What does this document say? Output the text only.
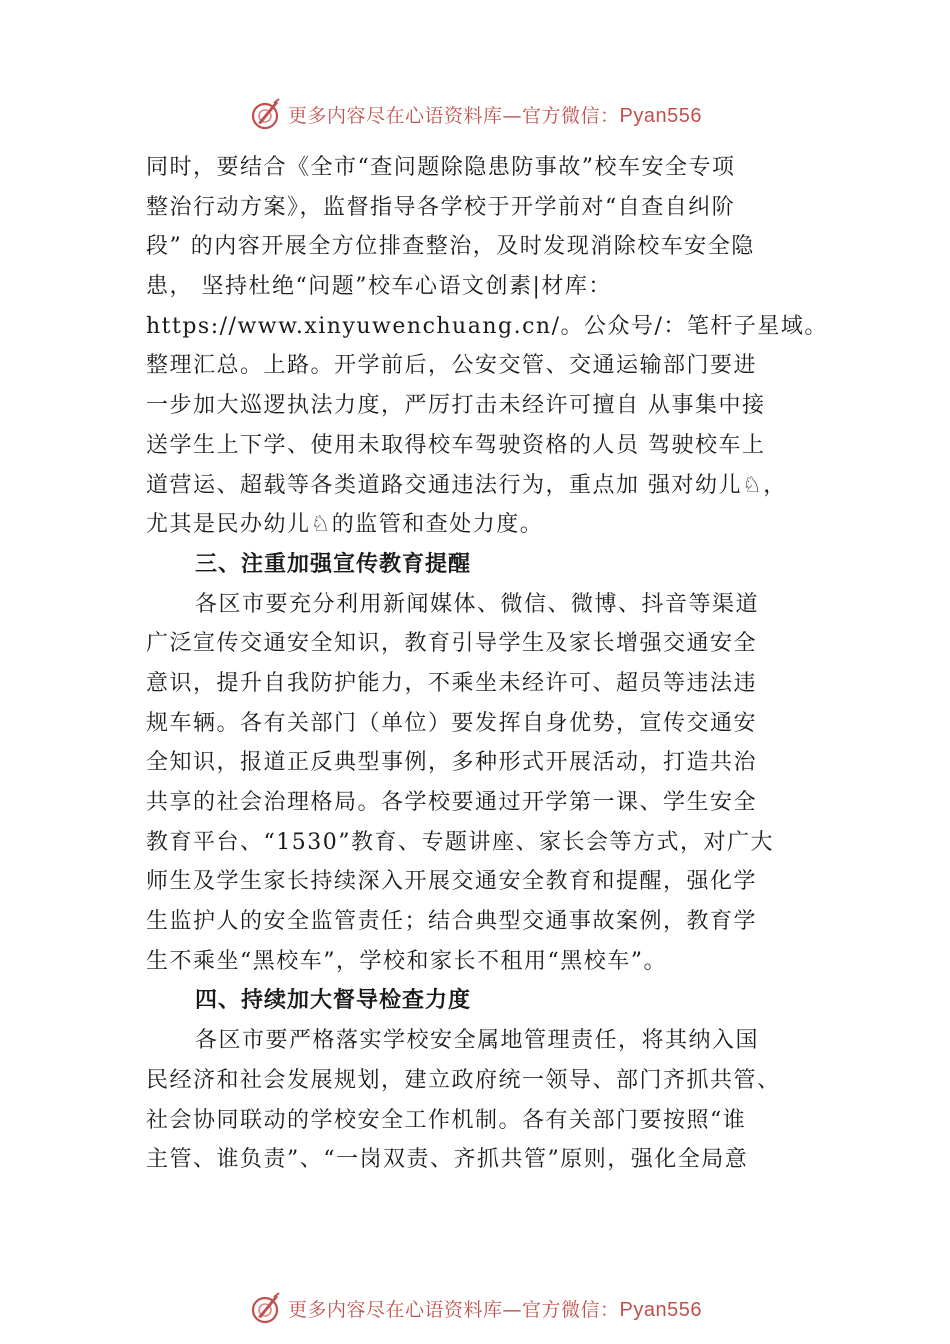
更多内容尽在心语资料库—官方微信：Pyan556
同时，要结合《全市“查问题除隐患防事故”校车安全专项
整治行动方案》，监督指导各学校于开学前对“自查自纠阶
段” 的内容开展全方位排查整治，及时发现消除校车安全隐
患， 坚持杜绝“问题”校车心语文创素|材库：
https://www.xinyuwenchuang.cn/。公众号/：笔杆子星域。
整理汇总。上路。开学前后，公安交管、交通运输部门要进
一步加大巡逻执法力度，严厉打击未经许可擅自 从事集中接
送学生上下学、使用未取得校车驾驶资格的人员 驾驶校车上
道营运、超载等各类道路交通违法行为，重点加 强对幼儿♘，
尤其是民办幼儿♘的监管和查处力度。
三、注重加强宣传教育提醒
各区市要充分利用新闻媒体、微信、微博、抖音等渠道
广泛宣传交通安全知识，教育引导学生及家长增强交通安全
意识，提升自我防护能力，不乘坐未经许可、超员等违法违
规车辆。各有关部门（单位）要发挥自身优势，宣传交通安
全知识，报道正反典型事例，多种形式开展活动，打造共治
共享的社会治理格局。各学校要通过开学第一课、学生安全
教育平台、“1530”教育、专题讲座、家长会等方式，对广大
师生及学生家长持续深入开展交通安全教育和提醒，强化学
生监护人的安全监管责任；结合典型交通事故案例，教育学
生不乘坐“黑校车”，学校和家长不租用“黑校车”。
四、持续加大督导检查力度
各区市要严格落实学校安全属地管理责任，将其纳入国
民经济和社会发展规划，建立政府统一领导、部门齐抓共管、
社会协同联动的学校安全工作机制。各有关部门要按照“谁
主管、谁负责”、“一岗双责、齐抓共管”原则，强化全局意
更多内容尽在心语资料库—官方微信：Pyan556
